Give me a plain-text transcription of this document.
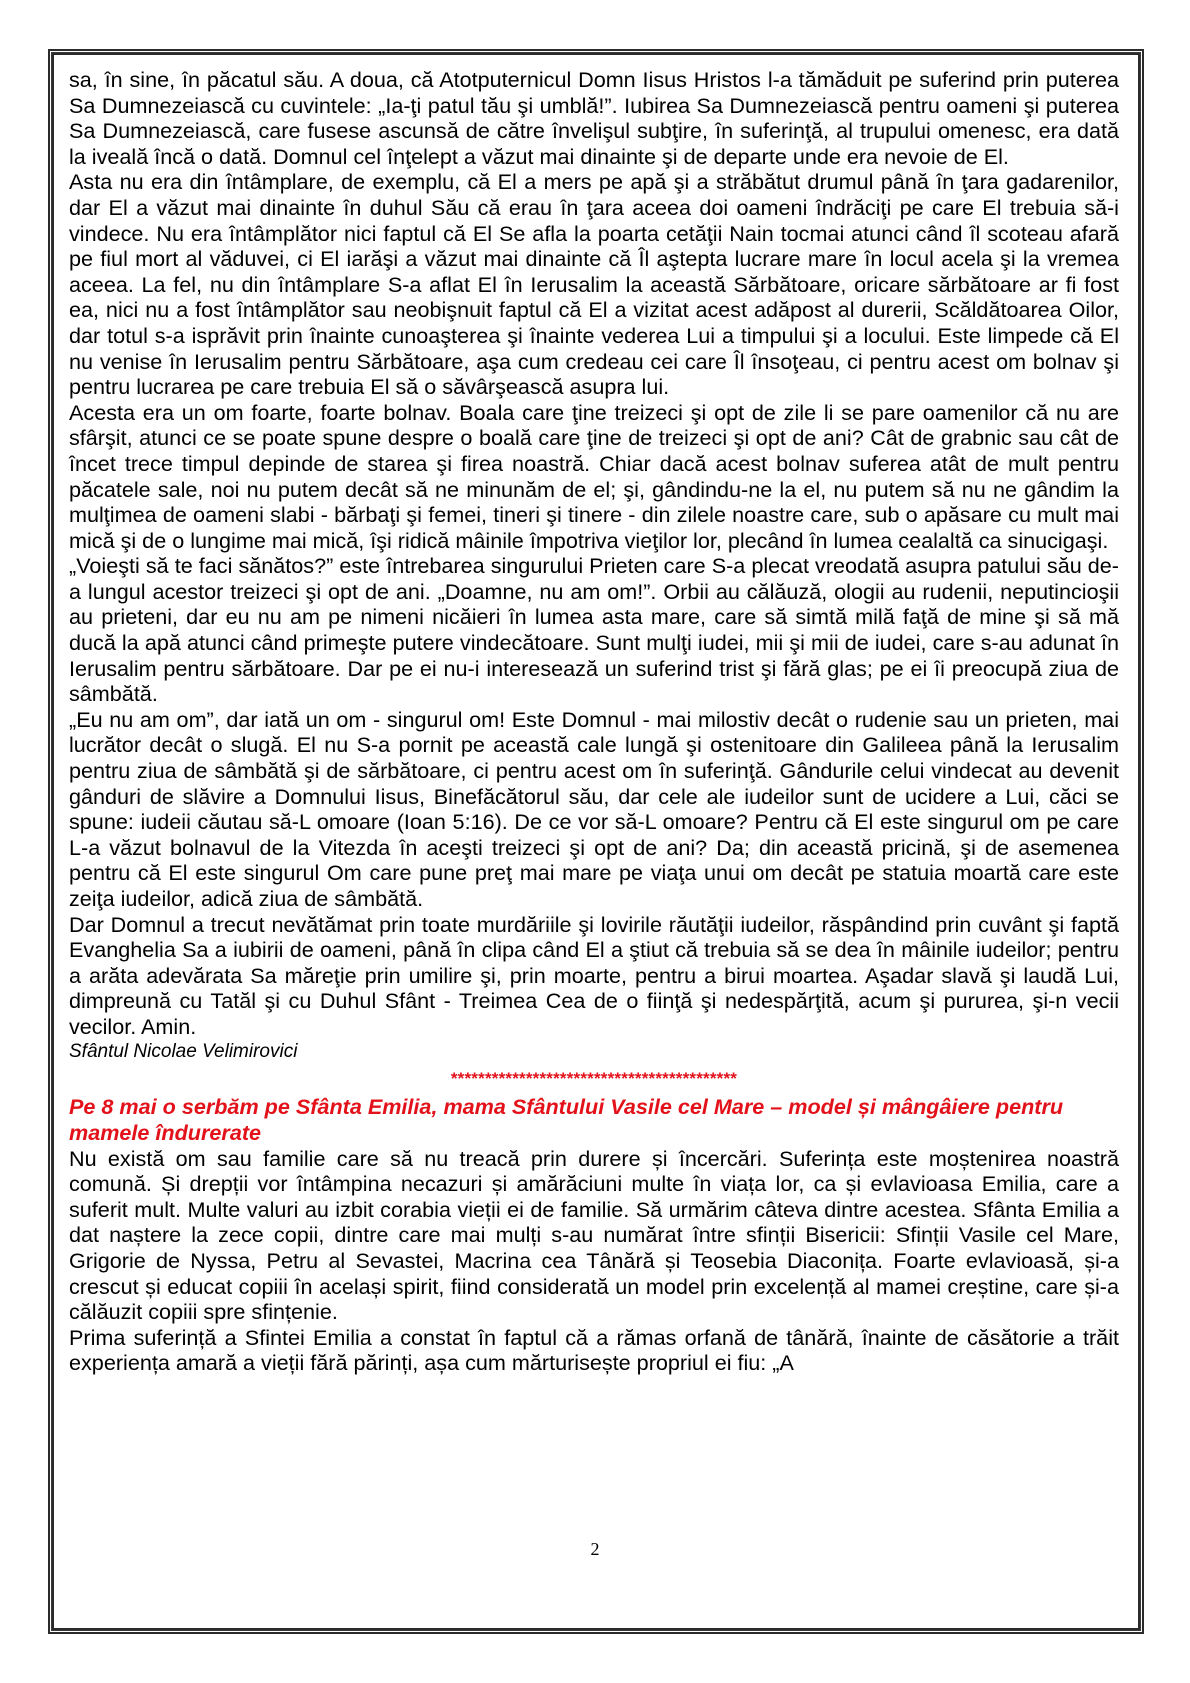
sa, în sine, în păcatul său. A doua, că Atotputernicul Domn Iisus Hristos l-a tămăduit pe suferind prin puterea Sa Dumnezeiască cu cuvintele: „Ia-ţi patul tău şi umblă!”. Iubirea Sa Dumnezeiască pentru oameni şi puterea Sa Dumnezeiască, care fusese ascunsă de către învelişul subţire, în suferinţă, al trupului omenesc, era dată la iveală încă o dată. Domnul cel înţelept a văzut mai dinainte şi de departe unde era nevoie de El.

Asta nu era din întâmplare, de exemplu, că El a mers pe apă şi a străbătut drumul până în ţara gadarenilor, dar El a văzut mai dinainte în duhul Său că erau în ţara aceea doi oameni îndrăciţi pe care El trebuia să-i vindece. Nu era întâmplător nici faptul că El Se afla la poarta cetăţii Nain tocmai atunci când îl scoteau afară pe fiul mort al văduvei, ci El iarăşi a văzut mai dinainte că Îl aştepta lucrare mare în locul acela şi la vremea aceea. La fel, nu din întâmplare S-a aflat El în Ierusalim la această Sărbătoare, oricare sărbătoare ar fi fost ea, nici nu a fost întâmplător sau neobişnuit faptul că El a vizitat acest adăpost al durerii, Scăldătoarea Oilor, dar totul s-a isprăvit prin înainte cunoaşterea şi înainte vederea Lui a timpului şi a locului. Este limpede că El nu venise în Ierusalim pentru Sărbătoare, aşa cum credeau cei care Îl însoţeau, ci pentru acest om bolnav şi pentru lucrarea pe care trebuia El să o săvârşească asupra lui.

Acesta era un om foarte, foarte bolnav. Boala care ţine treizeci şi opt de zile li se pare oamenilor că nu are sfârşit, atunci ce se poate spune despre o boală care ţine de treizeci şi opt de ani? Cât de grabnic sau cât de încet trece timpul depinde de starea şi firea noastră. Chiar dacă acest bolnav suferea atât de mult pentru păcatele sale, noi nu putem decât să ne minunăm de el; şi, gândindu-ne la el, nu putem să nu ne gândim la mulţimea de oameni slabi - bărbaţi şi femei, tineri şi tinere - din zilele noastre care, sub o apăsare cu mult mai mică şi de o lungime mai mică, îşi ridică mâinile împotriva vieţilor lor, plecând în lumea cealaltă ca sinucigaşi.

„Voieşti să te faci sănătos?” este întrebarea singurului Prieten care S-a plecat vreodată asupra patului său de-a lungul acestor treizeci şi opt de ani. „Doamne, nu am om!”. Orbii au călăuză, ologii au rudenii, neputincioşii au prieteni, dar eu nu am pe nimeni nicăieri în lumea asta mare, care să simtă milă faţă de mine şi să mă ducă la apă atunci când primeşte putere vindecătoare. Sunt mulţi iudei, mii şi mii de iudei, care s-au adunat în Ierusalim pentru sărbătoare. Dar pe ei nu-i interesează un suferind trist şi fără glas; pe ei îi preocupă ziua de sâmbătă.

„Eu nu am om”, dar iată un om - singurul om! Este Domnul - mai milostiv decât o rudenie sau un prieten, mai lucrător decât o slugă. El nu S-a pornit pe această cale lungă şi ostenitoare din Galileea până la Ierusalim pentru ziua de sâmbătă şi de sărbătoare, ci pentru acest om în suferinţă. Gândurile celui vindecat au devenit gânduri de slăvire a Domnului Iisus, Binefăcătorul său, dar cele ale iudeilor sunt de ucidere a Lui, căci se spune: iudeii căutau să-L omoare (Ioan 5:16). De ce vor să-L omoare? Pentru că El este singurul om pe care L-a văzut bolnavul de la Vitezda în aceşti treizeci şi opt de ani? Da; din această pricină, şi de asemenea pentru că El este singurul Om care pune preţ mai mare pe viaţa unui om decât pe statuia moartă care este zeiţa iudeilor, adică ziua de sâmbătă.

Dar Domnul a trecut nevătămat prin toate murdăriile şi lovirile răutăţii iudeilor, răspândind prin cuvânt şi faptă Evanghelia Sa a iubirii de oameni, până în clipa când El a ştiut că trebuia să se dea în mâinile iudeilor; pentru a arăta adevărata Sa măreţie prin umilire şi, prin moarte, pentru a birui moartea. Aşadar slavă şi laudă Lui, dimpreună cu Tatăl şi cu Duhul Sfânt - Treimea Cea de o fiinţă şi nedespărţită, acum şi pururea, şi-n vecii vecilor. Amin.

Sfântul Nicolae Velimirovici

******************************************
Pe 8 mai o serbăm pe Sfânta Emilia, mama Sfântului Vasile cel Mare – model și mângâiere pentru mamele îndurerate

Nu există om sau familie care să nu treacă prin durere și încercări. Suferința este moștenirea noastră comună. Și drepții vor întâmpina necazuri și amărăciuni multe în viața lor, ca și evlavioasa Emilia, care a suferit mult. Multe valuri au izbit corabia vieții ei de familie. Să urmărim câteva dintre acestea. Sfânta Emilia a dat naștere la zece copii, dintre care mai mulți s-au numărat între sfinții Bisericii: Sfinții Vasile cel Mare, Grigorie de Nyssa, Petru al Sevastei, Macrina cea Tânără și Teosebia Diaconița. Foarte evlavioasă, și-a crescut și educat copiii în același spirit, fiind considerată un model prin excelență al mamei creștine, care și-a călăuzit copiii spre sfințenie.

Prima suferință a Sfintei Emilia a constat în faptul că a rămas orfană de tânără, înainte de căsătorie a trăit experiența amară a vieții fără părinți, așa cum mărturisește propriul ei fiu: „A

2
